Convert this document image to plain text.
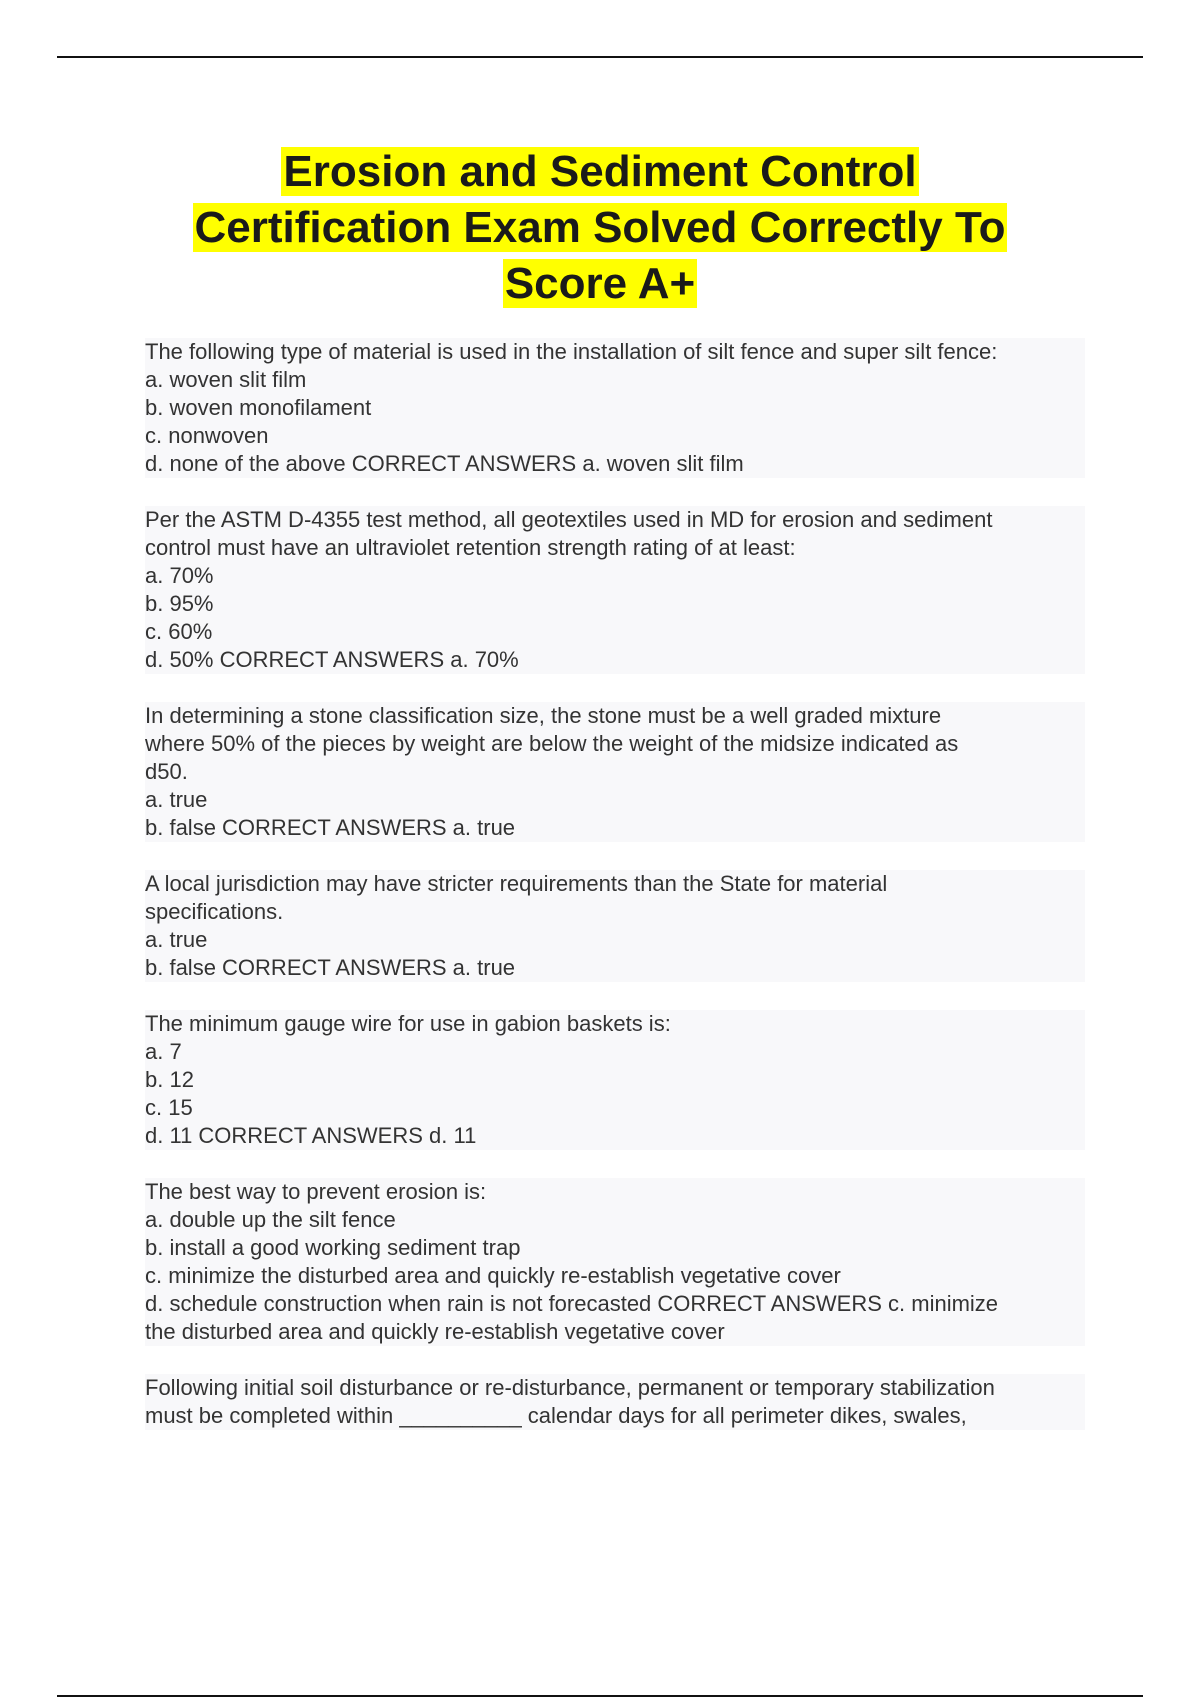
Erosion and Sediment Control
Certification Exam Solved Correctly To
Score A+
The following type of material is used in the installation of silt fence and super silt fence:
a. woven slit film
b. woven monofilament
c. nonwoven
d. none of the above CORRECT ANSWERS a. woven slit film
Per the ASTM D-4355 test method, all geotextiles used in MD for erosion and sediment
control must have an ultraviolet retention strength rating of at least:
a. 70%
b. 95%
c. 60%
d. 50% CORRECT ANSWERS a. 70%
In determining a stone classification size, the stone must be a well graded mixture
where 50% of the pieces by weight are below the weight of the midsize indicated as
d50.
a. true
b. false CORRECT ANSWERS a. true
A local jurisdiction may have stricter requirements than the State for material
specifications.
a. true
b. false CORRECT ANSWERS a. true
The minimum gauge wire for use in gabion baskets is:
a. 7
b. 12
c. 15
d. 11 CORRECT ANSWERS d. 11
The best way to prevent erosion is:
a. double up the silt fence
b. install a good working sediment trap
c. minimize the disturbed area and quickly re-establish vegetative cover
d. schedule construction when rain is not forecasted CORRECT ANSWERS c. minimize
the disturbed area and quickly re-establish vegetative cover
Following initial soil disturbance or re-disturbance, permanent or temporary stabilization
must be completed within __________ calendar days for all perimeter dikes, swales,
